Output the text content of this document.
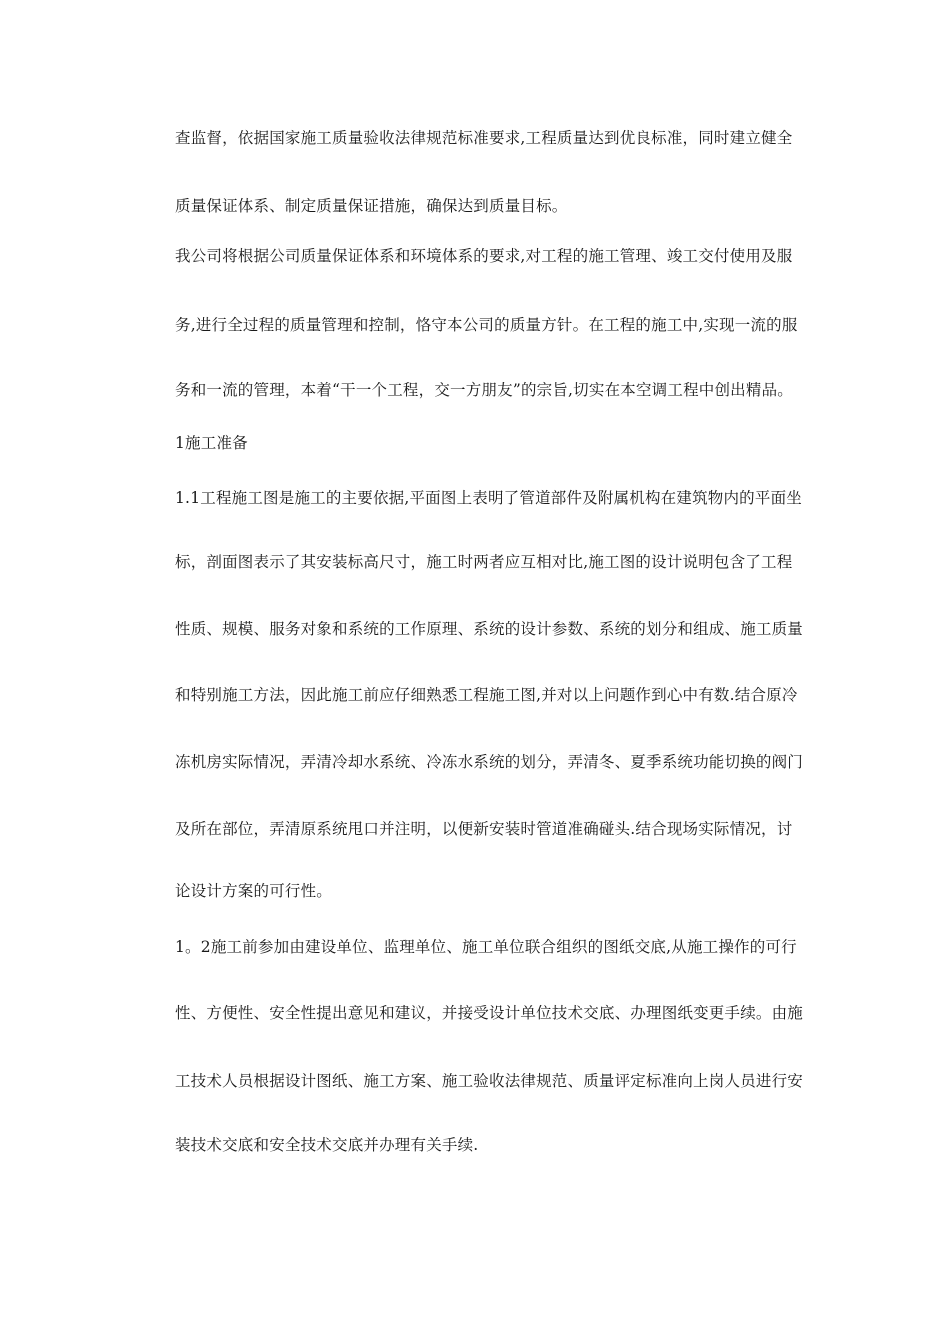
查监督，依据国家施工质量验收法律规范标准要求,工程质量达到优良标准，同时建立健全
质量保证体系、制定质量保证措施，确保达到质量目标。
我公司将根据公司质量保证体系和环境体系的要求,对工程的施工管理、竣工交付使用及服
务,进行全过程的质量管理和控制，恪守本公司的质量方针。在工程的施工中,实现一流的服
务和一流的管理，本着“干一个工程，交一方朋友”的宗旨,切实在本空调工程中创出精品。
1施工准备
1.1工程施工图是施工的主要依据,平面图上表明了管道部件及附属机构在建筑物内的平面坐
标，剖面图表示了其安装标高尺寸，施工时两者应互相对比,施工图的设计说明包含了工程
性质、规模、服务对象和系统的工作原理、系统的设计参数、系统的划分和组成、施工质量
和特别施工方法，因此施工前应仔细熟悉工程施工图,并对以上问题作到心中有数.结合原冷
冻机房实际情况，弄清冷却水系统、冷冻水系统的划分，弄清冬、夏季系统功能切换的阀门
及所在部位，弄清原系统甩口并注明，以便新安装时管道准确碰头.结合现场实际情况，讨
论设计方案的可行性。
1。2施工前参加由建设单位、监理单位、施工单位联合组织的图纸交底,从施工操作的可行
性、方便性、安全性提出意见和建议，并接受设计单位技术交底、办理图纸变更手续。由施
工技术人员根据设计图纸、施工方案、施工验收法律规范、质量评定标准向上岗人员进行安
装技术交底和安全技术交底并办理有关手续.
